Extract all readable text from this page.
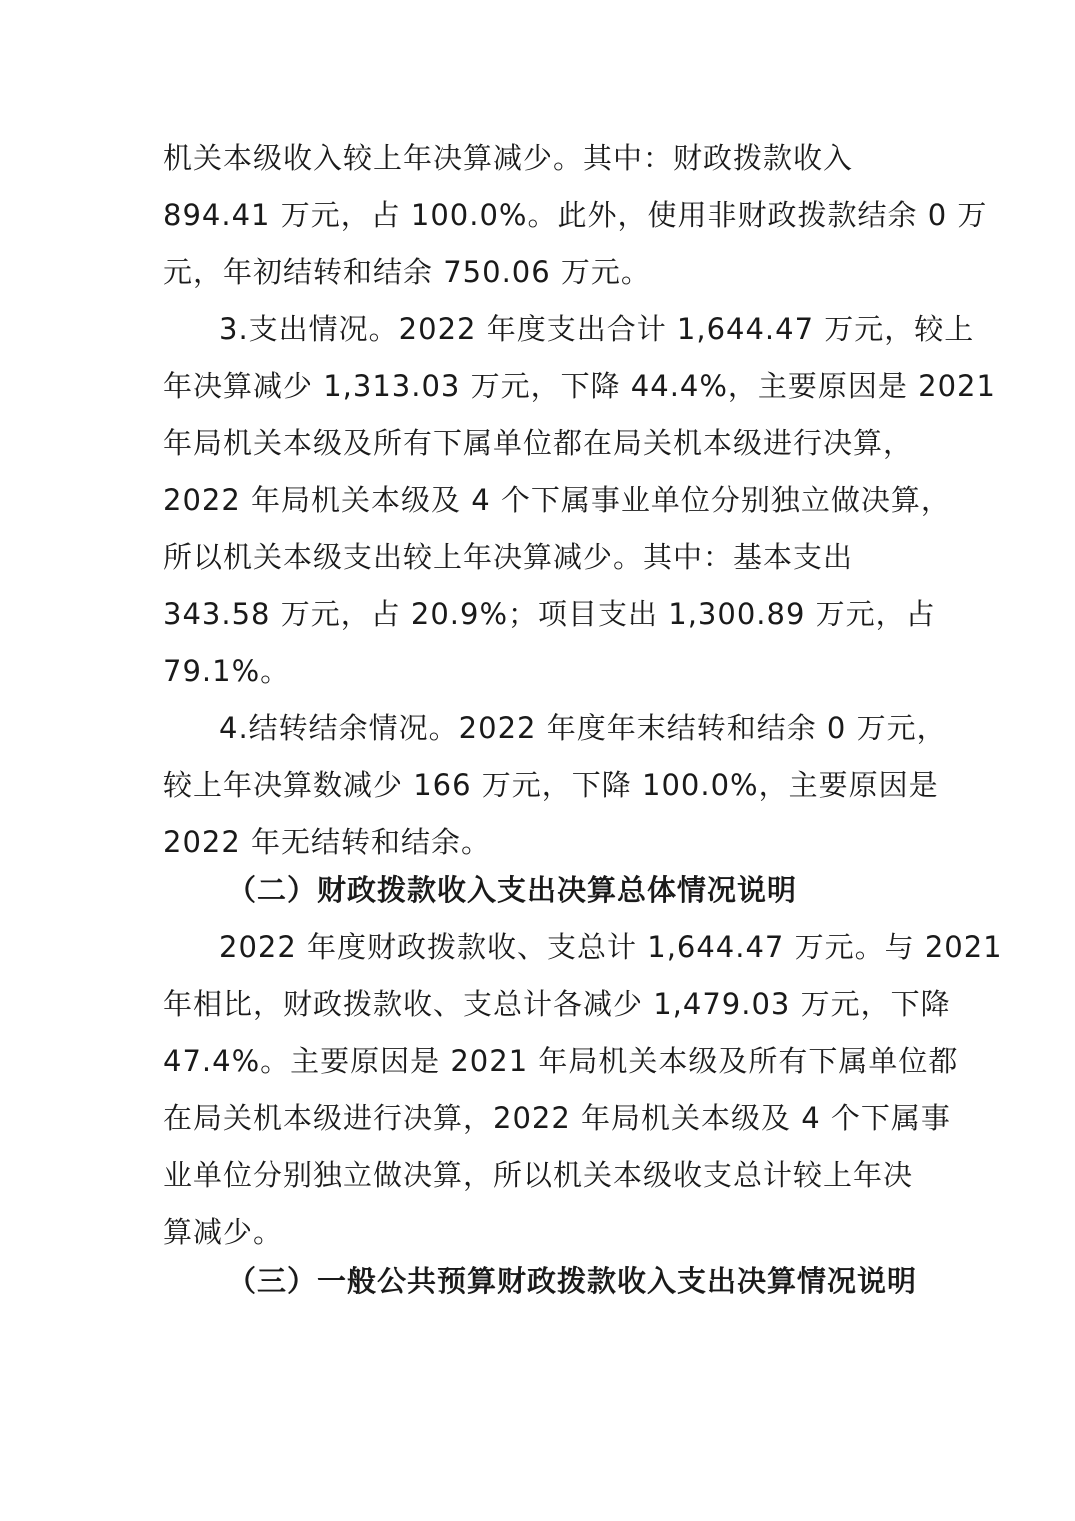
机关本级收入较上年决算减少。其中：财政拨款收入
894.41 万元，占 100.0%。此外，使用非财政拨款结余 0 万
元，年初结转和结余 750.06 万元。
3.支出情况。2022 年度支出合计 1,644.47 万元，较上
年决算减少 1,313.03 万元，下降 44.4%，主要原因是 2021
年局机关本级及所有下属单位都在局关机本级进行决算，
2022 年局机关本级及 4 个下属事业单位分别独立做决算，
所以机关本级支出较上年决算减少。其中：基本支出
343.58 万元，占 20.9%；项目支出 1,300.89 万元，占
79.1%。
4.结转结余情况。2022 年度年末结转和结余 0 万元，
较上年决算数减少 166 万元，下降 100.0%，主要原因是
2022 年无结转和结余。
（二）财政拨款收入支出决算总体情况说明
2022 年度财政拨款收、支总计 1,644.47 万元。与 2021
年相比，财政拨款收、支总计各减少 1,479.03 万元，下降
47.4%。主要原因是 2021 年局机关本级及所有下属单位都
在局关机本级进行决算，2022 年局机关本级及 4 个下属事
业单位分别独立做决算，所以机关本级收支总计较上年决
算减少。
（三）一般公共预算财政拨款收入支出决算情况说明
